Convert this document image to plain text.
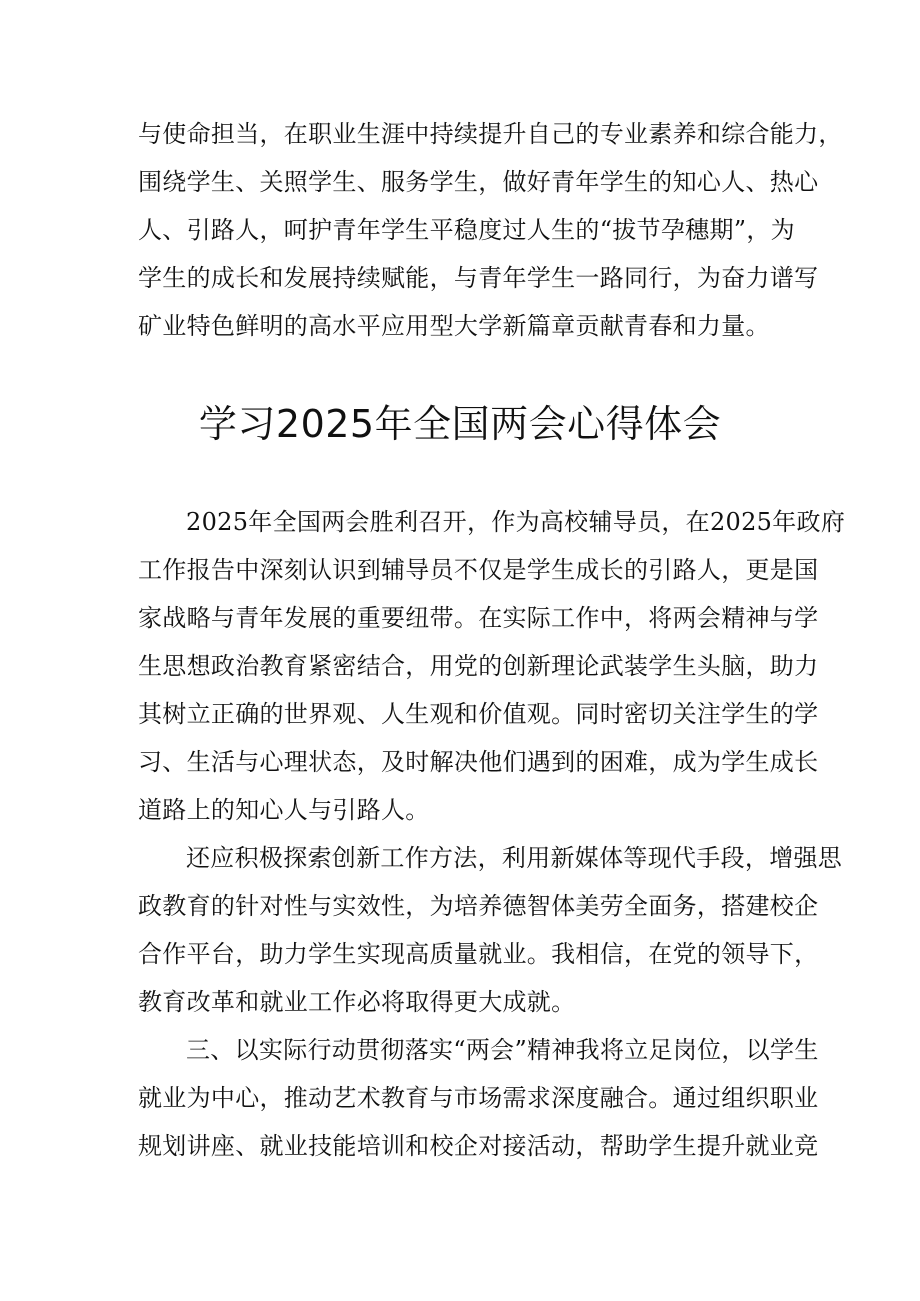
与使命担当，在职业生涯中持续提升自己的专业素养和综合能力，
围绕学生、关照学生、服务学生，做好青年学生的知心人、热心
人、引路人，呵护青年学生平稳度过人生的“拔节孕穗期”，为
学生的成长和发展持续赋能，与青年学生一路同行，为奋力谱写
矿业特色鲜明的高水平应用型大学新篇章贡献青春和力量。
学习2025年全国两会心得体会
2025年全国两会胜利召开，作为高校辅导员，在2025年政府
工作报告中深刻认识到辅导员不仅是学生成长的引路人，更是国
家战略与青年发展的重要纽带。在实际工作中，将两会精神与学
生思想政治教育紧密结合，用党的创新理论武装学生头脑，助力
其树立正确的世界观、人生观和价值观。同时密切关注学生的学
习、生活与心理状态，及时解决他们遇到的困难，成为学生成长
道路上的知心人与引路人。
还应积极探索创新工作方法，利用新媒体等现代手段，增强思
政教育的针对性与实效性，为培养德智体美劳全面务，搭建校企
合作平台，助力学生实现高质量就业。我相信，在党的领导下，
教育改革和就业工作必将取得更大成就。
三、以实际行动贯彻落实“两会”精神我将立足岗位，以学生
就业为中心，推动艺术教育与市场需求深度融合。通过组织职业
规划讲座、就业技能培训和校企对接活动，帮助学生提升就业竞
